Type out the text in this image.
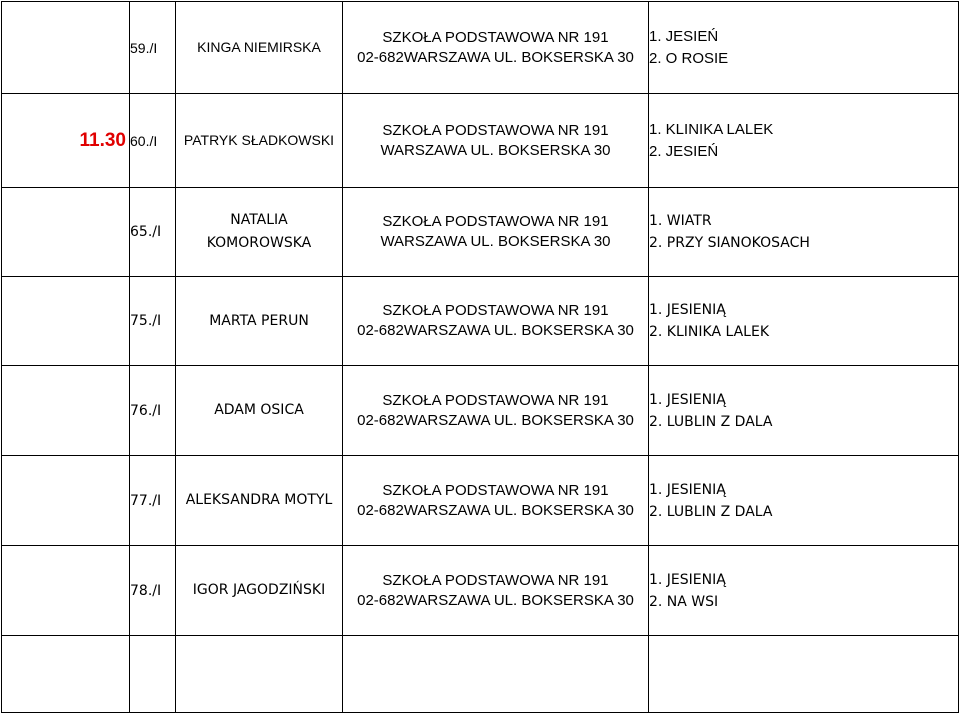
	59./I	KINGA NIEMIRSKA	SZKOŁA PODSTAWOWA NR 191
02-682WARSZAWA UL. BOKSERSKA 30	1. JESIEŃ
2. O ROSIE

11.30	60./I	PATRYK SŁADKOWSKI	SZKOŁA PODSTAWOWA NR 191
WARSZAWA UL. BOKSERSKA 30	1. KLINIKA LALEK
2. JESIEŃ

	65./I	NATALIA
KOMOROWSKA	SZKOŁA PODSTAWOWA NR 191
WARSZAWA UL. BOKSERSKA 30	1. WIATR
2. PRZY SIANOKOSACH

	75./I	MARTA PERUN	SZKOŁA PODSTAWOWA NR 191
02-682WARSZAWA UL. BOKSERSKA 30	1. JESIENIĄ
2. KLINIKA LALEK

	76./I	ADAM OSICA	SZKOŁA PODSTAWOWA NR 191
02-682WARSZAWA UL. BOKSERSKA 30	1. JESIENIĄ
2. LUBLIN Z DALA

	77./I	ALEKSANDRA MOTYL	SZKOŁA PODSTAWOWA NR 191
02-682WARSZAWA UL. BOKSERSKA 30	1. JESIENIĄ
2. LUBLIN Z DALA

	78./I	IGOR JAGODZIŃSKI	SZKOŁA PODSTAWOWA NR 191
02-682WARSZAWA UL. BOKSERSKA 30	1. JESIENIĄ
2. NA WSI
